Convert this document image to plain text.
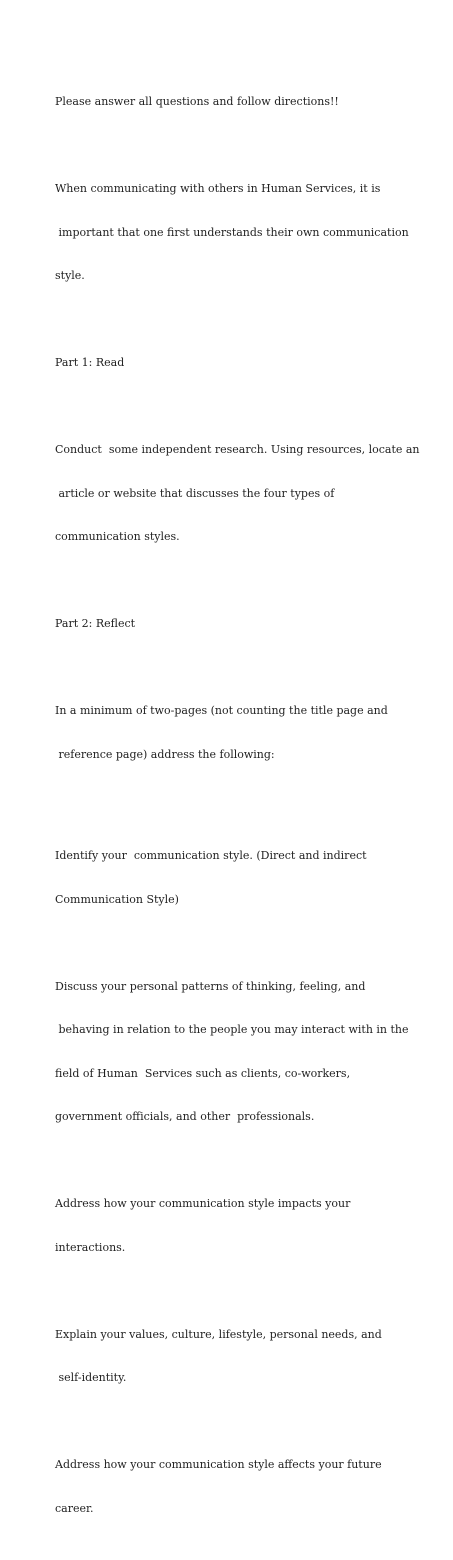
Please answer all questions and follow directions!!

When communicating with others in Human Services, it is

important that one first understands their own communication

style.

Part 1: Read

Conduct  some independent research. Using resources, locate an

article or website that discusses the four types of

communication styles.

Part 2: Reflect

In a minimum of two-pages (not counting the title page and

reference page) address the following:

Identify your  communication style. (Direct and indirect

Communication Style)

Discuss your personal patterns of thinking, feeling, and

behaving in relation to the people you may interact with in the

field of Human  Services such as clients, co-workers,

government officials, and other  professionals.

Address how your communication style impacts your

interactions.

Explain your values, culture, lifestyle, personal needs, and

self-identity.

Address how your communication style affects your future

career.
